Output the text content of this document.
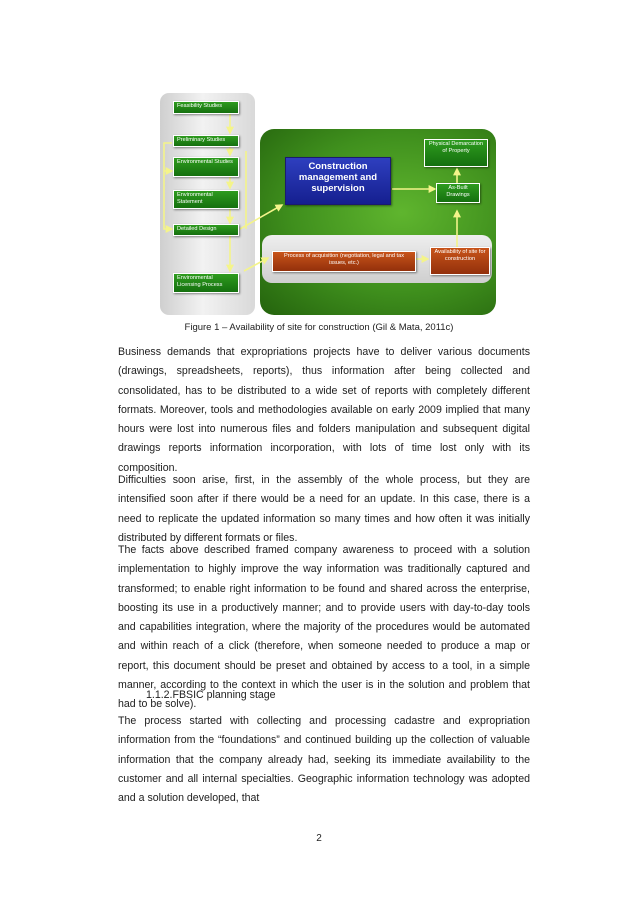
Feasibility Studies
Preliminary Studies
Environmental Studies
Environmental Statement
Detailed Design
Environmental Licensing Process
Construction management and supervision
Physical Demarcation of Property
As-Built Drawings
Process of acquisition (negotiation, legal and tax issues, etc.)
Availability of site for construction
Figure 1 – Availability of site for construction (Gil & Mata, 2011c)

Business demands that expropriations projects have to deliver various documents (drawings, spreadsheets, reports), thus information after being collected and consolidated, has to be distributed to a wide set of reports with completely different formats. Moreover, tools and methodologies available on early 2009 implied that many hours were lost into numerous files and folders manipulation and subsequent digital drawings reports information incorporation, with lots of time lost only with its composition.

Difficulties soon arise, first, in the assembly of the whole process, but they are intensified soon after if there would be a need for an update. In this case, there is a need to replicate the updated information so many times and how often it was initially distributed by different formats or files.

The facts above described framed company awareness to proceed with a solution implementation to highly improve the way information was traditionally captured and transformed; to enable right information to be found and shared across the enterprise, boosting its use in a productively manner; and to provide users with day-to-day tools and capabilities integration, where the majority of the procedures would be automated and within reach of a click (therefore, when someone needed to produce a map or report, this document should be preset and obtained by access to a tool, in a simple manner, according to the context in which the user is in the solution and problem that had to be solve).

1.1.2.FBSIC planning stage

The process started with collecting and processing cadastre and expropriation information from the “foundations” and continued building up the collection of valuable information that the company already had, seeking its immediate availability to the customer and all internal specialties. Geographic information technology was adopted and a solution developed, that

2
